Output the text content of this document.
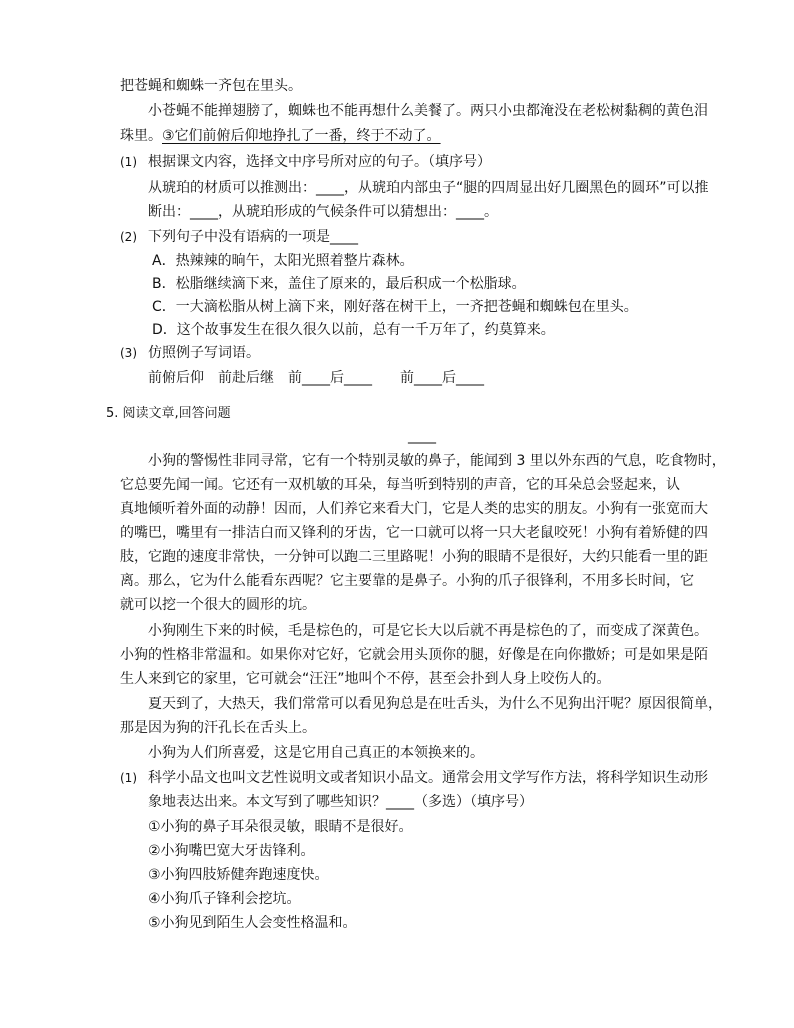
把苍蝇和蜘蛛一齐包在里头。
小苍蝇不能掸翅膀了，蜘蛛也不能再想什么美餐了。两只小虫都淹没在老松树黏稠的黄色泪
珠里。③它们前俯后仰地挣扎了一番，终于不动了。
(1) 根据课文内容，选择文中序号所对应的句子。（填序号）
从琥珀的材质可以推测出：____，从琥珀内部虫子“腿的四周显出好几圈黑色的圆环”可以推
断出：____，从琥珀形成的气候条件可以猜想出：____。
(2) 下列句子中没有语病的一项是____
A．热辣辣的晌午，太阳光照着整片森林。
B．松脂继续滴下来，盖住了原来的，最后积成一个松脂球。
C．一大滴松脂从树上滴下来，刚好落在树干上，一齐把苍蝇和蜘蛛包在里头。
D．这个故事发生在很久很久以前，总有一千万年了，约莫算来。
(3) 仿照例子写词语。
前俯后仰　前赴后继　前____后____　　前____后____
5. 阅读文章,回答问题
____
小狗的警惕性非同寻常，它有一个特别灵敏的鼻子，能闻到 3 里以外东西的气息，吃食物时，
它总要先闻一闻。它还有一双机敏的耳朵，每当听到特别的声音，它的耳朵总会竖起来，认
真地倾听着外面的动静！因而，人们养它来看大门，它是人类的忠实的朋友。小狗有一张宽而大
的嘴巴，嘴里有一排洁白而又锋利的牙齿，它一口就可以将一只大老鼠咬死！小狗有着矫健的四
肢，它跑的速度非常快，一分钟可以跑二三里路呢！小狗的眼睛不是很好，大约只能看一里的距
离。那么，它为什么能看东西呢？它主要靠的是鼻子。小狗的爪子很锋利，不用多长时间，它
就可以挖一个很大的圆形的坑。
小狗刚生下来的时候，毛是棕色的，可是它长大以后就不再是棕色的了，而变成了深黄色。
小狗的性格非常温和。如果你对它好，它就会用头顶你的腿，好像是在向你撒娇；可是如果是陌
生人来到它的家里，它可就会“汪汪”地叫个不停，甚至会扑到人身上咬伤人的。
夏天到了，大热天，我们常常可以看见狗总是在吐舌头，为什么不见狗出汗呢？原因很简单，
那是因为狗的汗孔长在舌头上。
小狗为人们所喜爱，这是它用自己真正的本领换来的。
(1) 科学小品文也叫文艺性说明文或者知识小品文。通常会用文学写作方法，将科学知识生动形
象地表达出来。本文写到了哪些知识？____（多选）（填序号）
①小狗的鼻子耳朵很灵敏，眼睛不是很好。
②小狗嘴巴宽大牙齿锋利。
③小狗四肢矫健奔跑速度快。
④小狗爪子锋利会挖坑。
⑤小狗见到陌生人会变性格温和。
